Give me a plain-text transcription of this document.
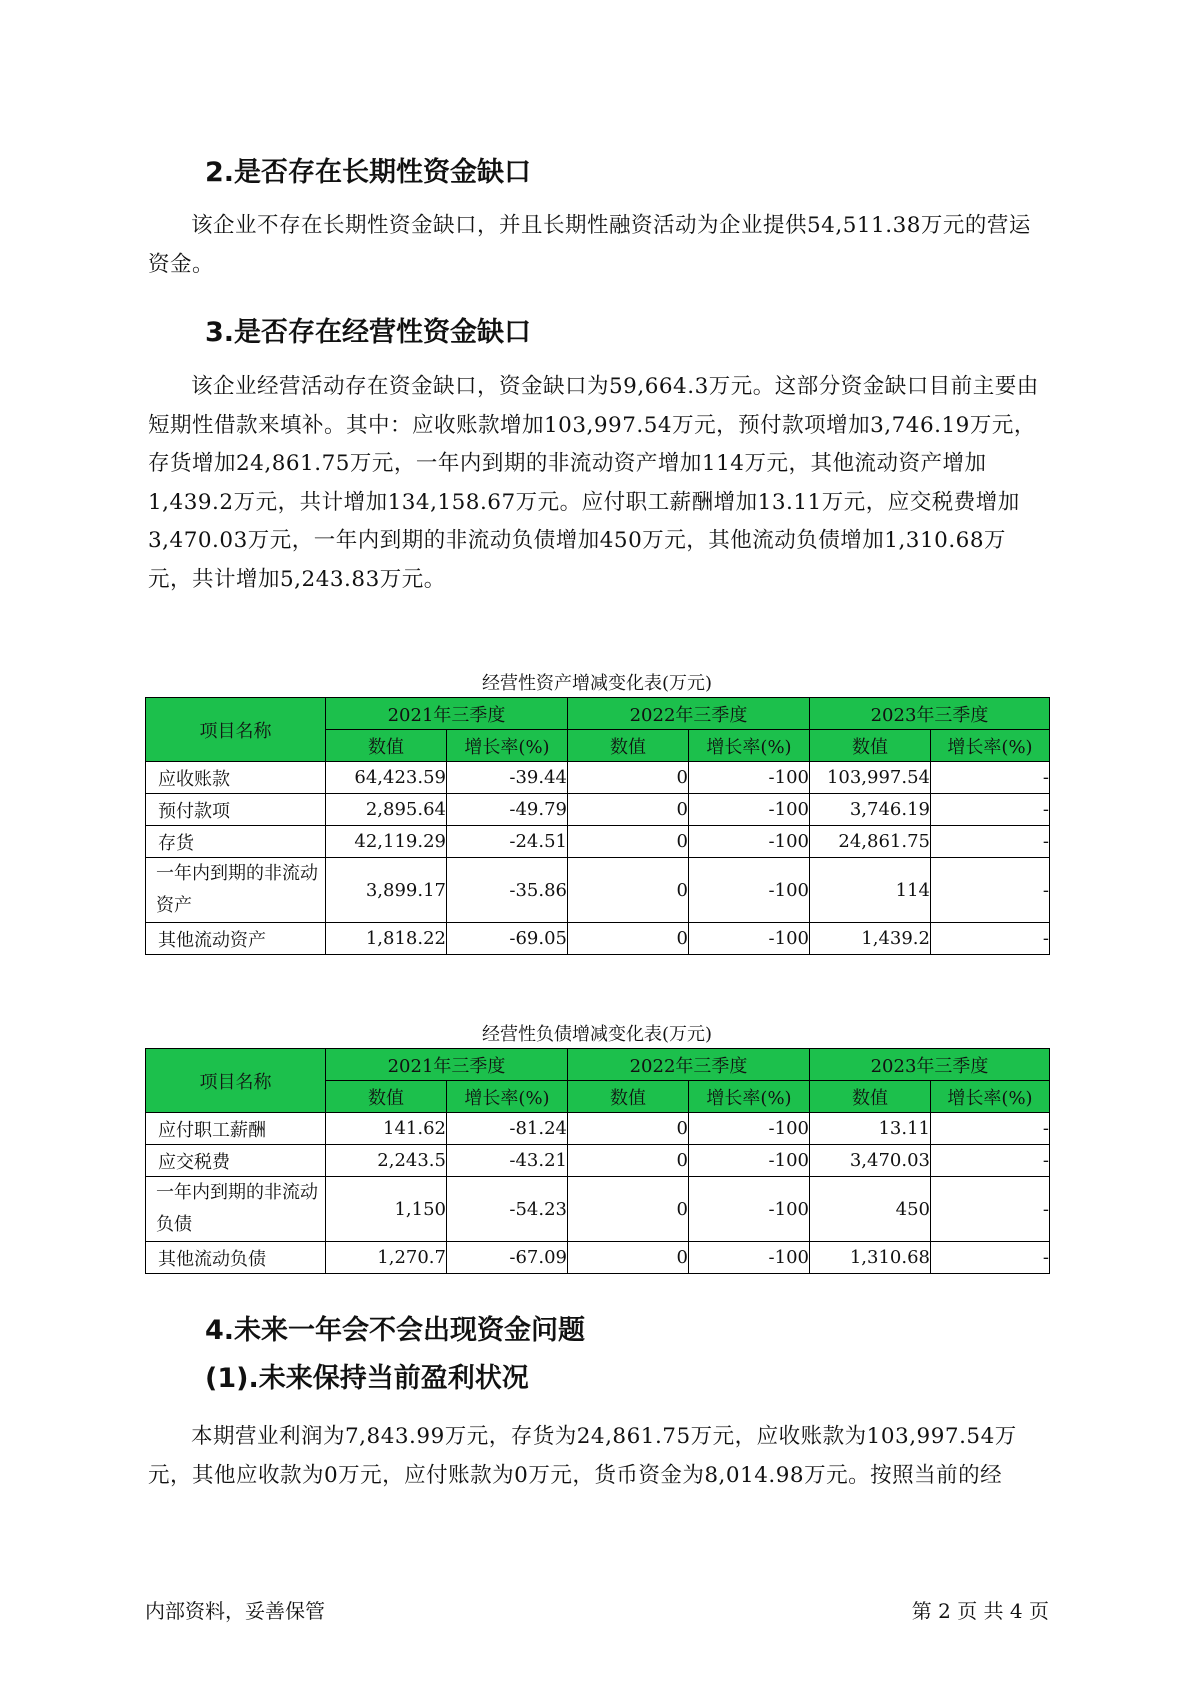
2.是否存在长期性资金缺口

该企业不存在长期性资金缺口，并且长期性融资活动为企业提供54,511.38万元的营运资金。

3.是否存在经营性资金缺口

该企业经营活动存在资金缺口，资金缺口为59,664.3万元。这部分资金缺口目前主要由短期性借款来填补。其中：应收账款增加103,997.54万元，预付款项增加3,746.19万元，存货增加24,861.75万元，一年内到期的非流动资产增加114万元，其他流动资产增加1,439.2万元，共计增加134,158.67万元。应付职工薪酬增加13.11万元，应交税费增加3,470.03万元，一年内到期的非流动负债增加450万元，其他流动负债增加1,310.68万元，共计增加5,243.83万元。

经营性资产增减变化表(万元)

项目名称	2021年三季度		2022年三季度		2023年三季度	
	数值	增长率(%)	数值	增长率(%)	数值	增长率(%)
应收账款	64,423.59	-39.44	0	-100	103,997.54	-
预付款项	2,895.64	-49.79	0	-100	3,746.19	-
存货	42,119.29	-24.51	0	-100	24,861.75	-
一年内到期的非流动资产	3,899.17	-35.86	0	-100	114	-
其他流动资产	1,818.22	-69.05	0	-100	1,439.2	-

经营性负债增减变化表(万元)

项目名称	2021年三季度		2022年三季度		2023年三季度	
	数值	增长率(%)	数值	增长率(%)	数值	增长率(%)
应付职工薪酬	141.62	-81.24	0	-100	13.11	-
应交税费	2,243.5	-43.21	0	-100	3,470.03	-
一年内到期的非流动负债	1,150	-54.23	0	-100	450	-
其他流动负债	1,270.7	-67.09	0	-100	1,310.68	-
4.未来一年会不会出现资金问题
(1).未来保持当前盈利状况

本期营业利润为7,843.99万元，存货为24,861.75万元，应收账款为103,997.54万元，其他应收款为0万元，应付账款为0万元，货币资金为8,014.98万元。按照当前的经

内部资料，妥善保管	第 2 页 共 4 页
